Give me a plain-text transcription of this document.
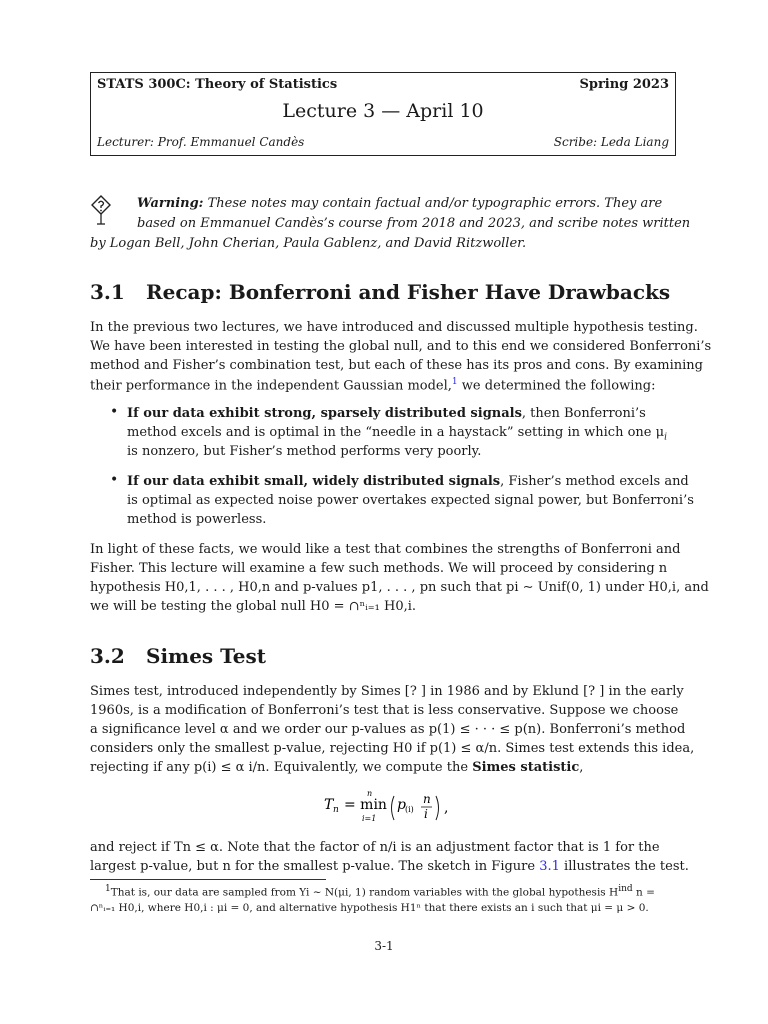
STATS 300C: Theory of Statistics	Spring 2023
Lecture 3 — April 10
Lecturer: Prof. Emmanuel Candès	Scribe: Leda Liang
Warning: These notes may contain factual and/or typographic errors. They are
based on Emmanuel Candès’s course from 2018 and 2023, and scribe notes written
by Logan Bell, John Cherian, Paula Gablenz, and David Ritzwoller.
3.1 Recap: Bonferroni and Fisher Have Drawbacks
In the previous two lectures, we have introduced and discussed multiple hypothesis testing.
We have been interested in testing the global null, and to this end we considered Bonferroni’s
method and Fisher’s combination test, but each of these has its pros and cons. By examining
their performance in the independent Gaussian model,$^1$ we determined the following:
• If our data exhibit strong, sparsely distributed signals, then Bonferroni’s
method excels and is optimal in the “needle in a haystack” setting in which one $\mu_i$
is nonzero, but Fisher’s method performs very poorly.
• If our data exhibit small, widely distributed signals, Fisher’s method excels and
is optimal as expected noise power overtakes expected signal power, but Bonferroni’s
method is powerless.
In light of these facts, we would like a test that combines the strengths of Bonferroni and
Fisher. This lecture will examine a few such methods. We will proceed by considering n
hypothesis H0,1, . . . , H0,n and p-values p1, . . . , pn such that pi ∼ Unif(0, 1) under H0,i, and
we will be testing the global null H0 = ∩ⁿᵢ₌₁ H0,i.
3.2 Simes Test
Simes test, introduced independently by Simes [? ] in 1986 and by Eklund [? ] in the early
1960s, is a modification of Bonferroni’s test that is less conservative. Suppose we choose
a significance level α and we order our p-values as p(1) ≤ · · · ≤ p(n). Bonferroni’s method
considers only the smallest p-value, rejecting H0 if p(1) ≤ α/n. Simes test extends this idea,
rejecting if any p(i) ≤ α i/n. Equivalently, we compute the Simes statistic,
T n = min
n
i=1
p (i)
n
i ,
and reject if Tn ≤ α. Note that the factor of n/i is an adjustment factor that is 1 for the
largest p-value, but n for the smallest p-value. The sketch in Figure 3.1 illustrates the test.
$^1$That is, our data are sampled from Yi ∼ N(μi, 1) random variables with the global hypothesis $H^{ind}$ n =
∩ⁿᵢ₌₁ H0,i, where H0,i : μi = 0, and alternative hypothesis H1ⁿ that there exists an i such that μi = μ > 0.
3-1
